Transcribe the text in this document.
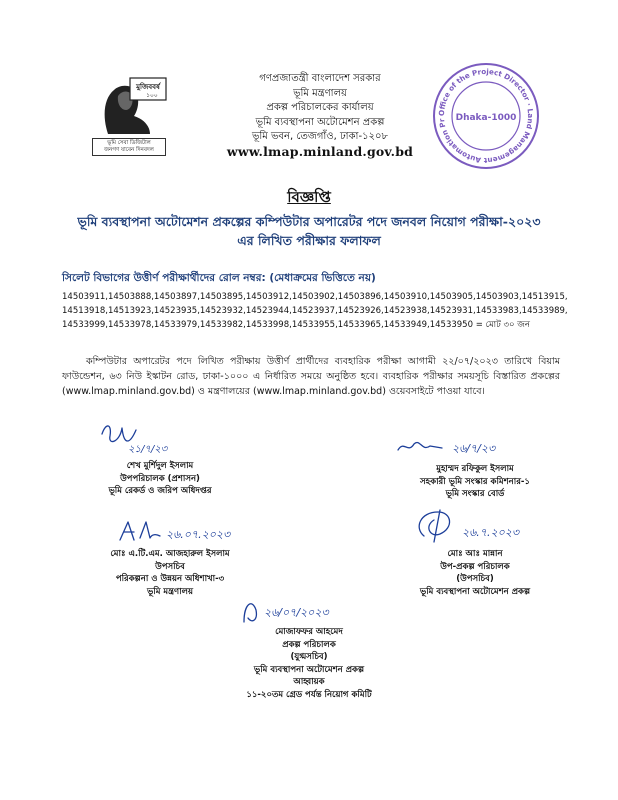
মুজিববর্ষ
১০০
ভূমি সেবা ডিজিটাল
জনগণ যাবেন দিনবদল
গণপ্রজাতন্ত্রী বাংলাদেশ সরকার
ভূমি মন্ত্রণালয়
প্রকল্প পরিচালকের কার্যালয়
ভূমি ব্যবস্থাপনা অটোমেশন প্রকল্প
ভূমি ভবন, তেজগাঁও, ঢাকা-১২০৮
www.lmap.minland.gov.bd
Office of the Project Director · Land Management Automation Pr	Dhaka-1000
বিজ্ঞপ্তি
ভূমি ব্যবস্থাপনা অটোমেশন প্রকল্পের কম্পিউটার অপারেটর পদে জনবল নিয়োগ পরীক্ষা-২০২৩
এর লিখিত পরীক্ষার ফলাফল
সিলেট বিভাগের উত্তীর্ণ পরীক্ষার্থীদের রোল নম্বর: (মেধাক্রমের ভিত্তিতে নয়)
14503911,14503888,14503897,14503895,14503912,14503902,14503896,14503910,14503905,14503903,14513915,
14513918,14513923,14523935,14523932,14523944,14523937,14523926,14523938,14523931,14533983,14533989,
14533999,14533978,14533979,14533982,14533998,14533955,14533965,14533949,14533950 = মোট ৩০ জন
কম্পিউটার অপারেটর পদে লিখিত পরীক্ষায় উত্তীর্ণ প্রার্থীদের ব্যবহারিক পরীক্ষা আগামী ২২/০৭/২০২৩ তারিখে বিয়াম ফাউন্ডেশন, ৬৩ নিউ ইস্কাটন রোড, ঢাকা-১০০০ এ নির্ধারিত সময়ে অনুষ্ঠিত হবে। ব্যবহারিক পরীক্ষার সময়সূচি বিস্তারিত প্রকল্পের (www.lmap.minland.gov.bd) ও মন্ত্রণালয়ের (www.lmap.minland.gov.bd) ওয়েবসাইটে পাওয়া যাবে।
২১/৭/২৩
শেখ মুর্শিদুল ইসলাম
উপপরিচালক (প্রশাসন)
ভূমি রেকর্ড ও জরিপ অধিদপ্তর
২৬/৭/২৩
মুহাম্মদ রফিকুল ইসলাম
সহকারী ভূমি সংস্কার কমিশনার-১
ভূমি সংস্কার বোর্ড
২৬.০৭.২০২৩
মোঃ এ.টি.এম. আজহারুল ইসলাম
উপসচিব
পরিকল্পনা ও উন্নয়ন অধিশাখা-৩
ভূমি মন্ত্রণালয়
২৬.৭.২০২৩
মোঃ আঃ মান্নান
উপ-প্রকল্প পরিচালক
(উপসচিব)
ভূমি ব্যবস্থাপনা অটোমেশন প্রকল্প
২৬/০৭/২০২৩
মোজাফফর আহমেদ
প্রকল্প পরিচালক
(যুগ্মসচিব)
ভূমি ব্যবস্থাপনা অটোমেশন প্রকল্প
আহ্বায়ক
১১-২০তম গ্রেড পর্যন্ত নিয়োগ কমিটি
